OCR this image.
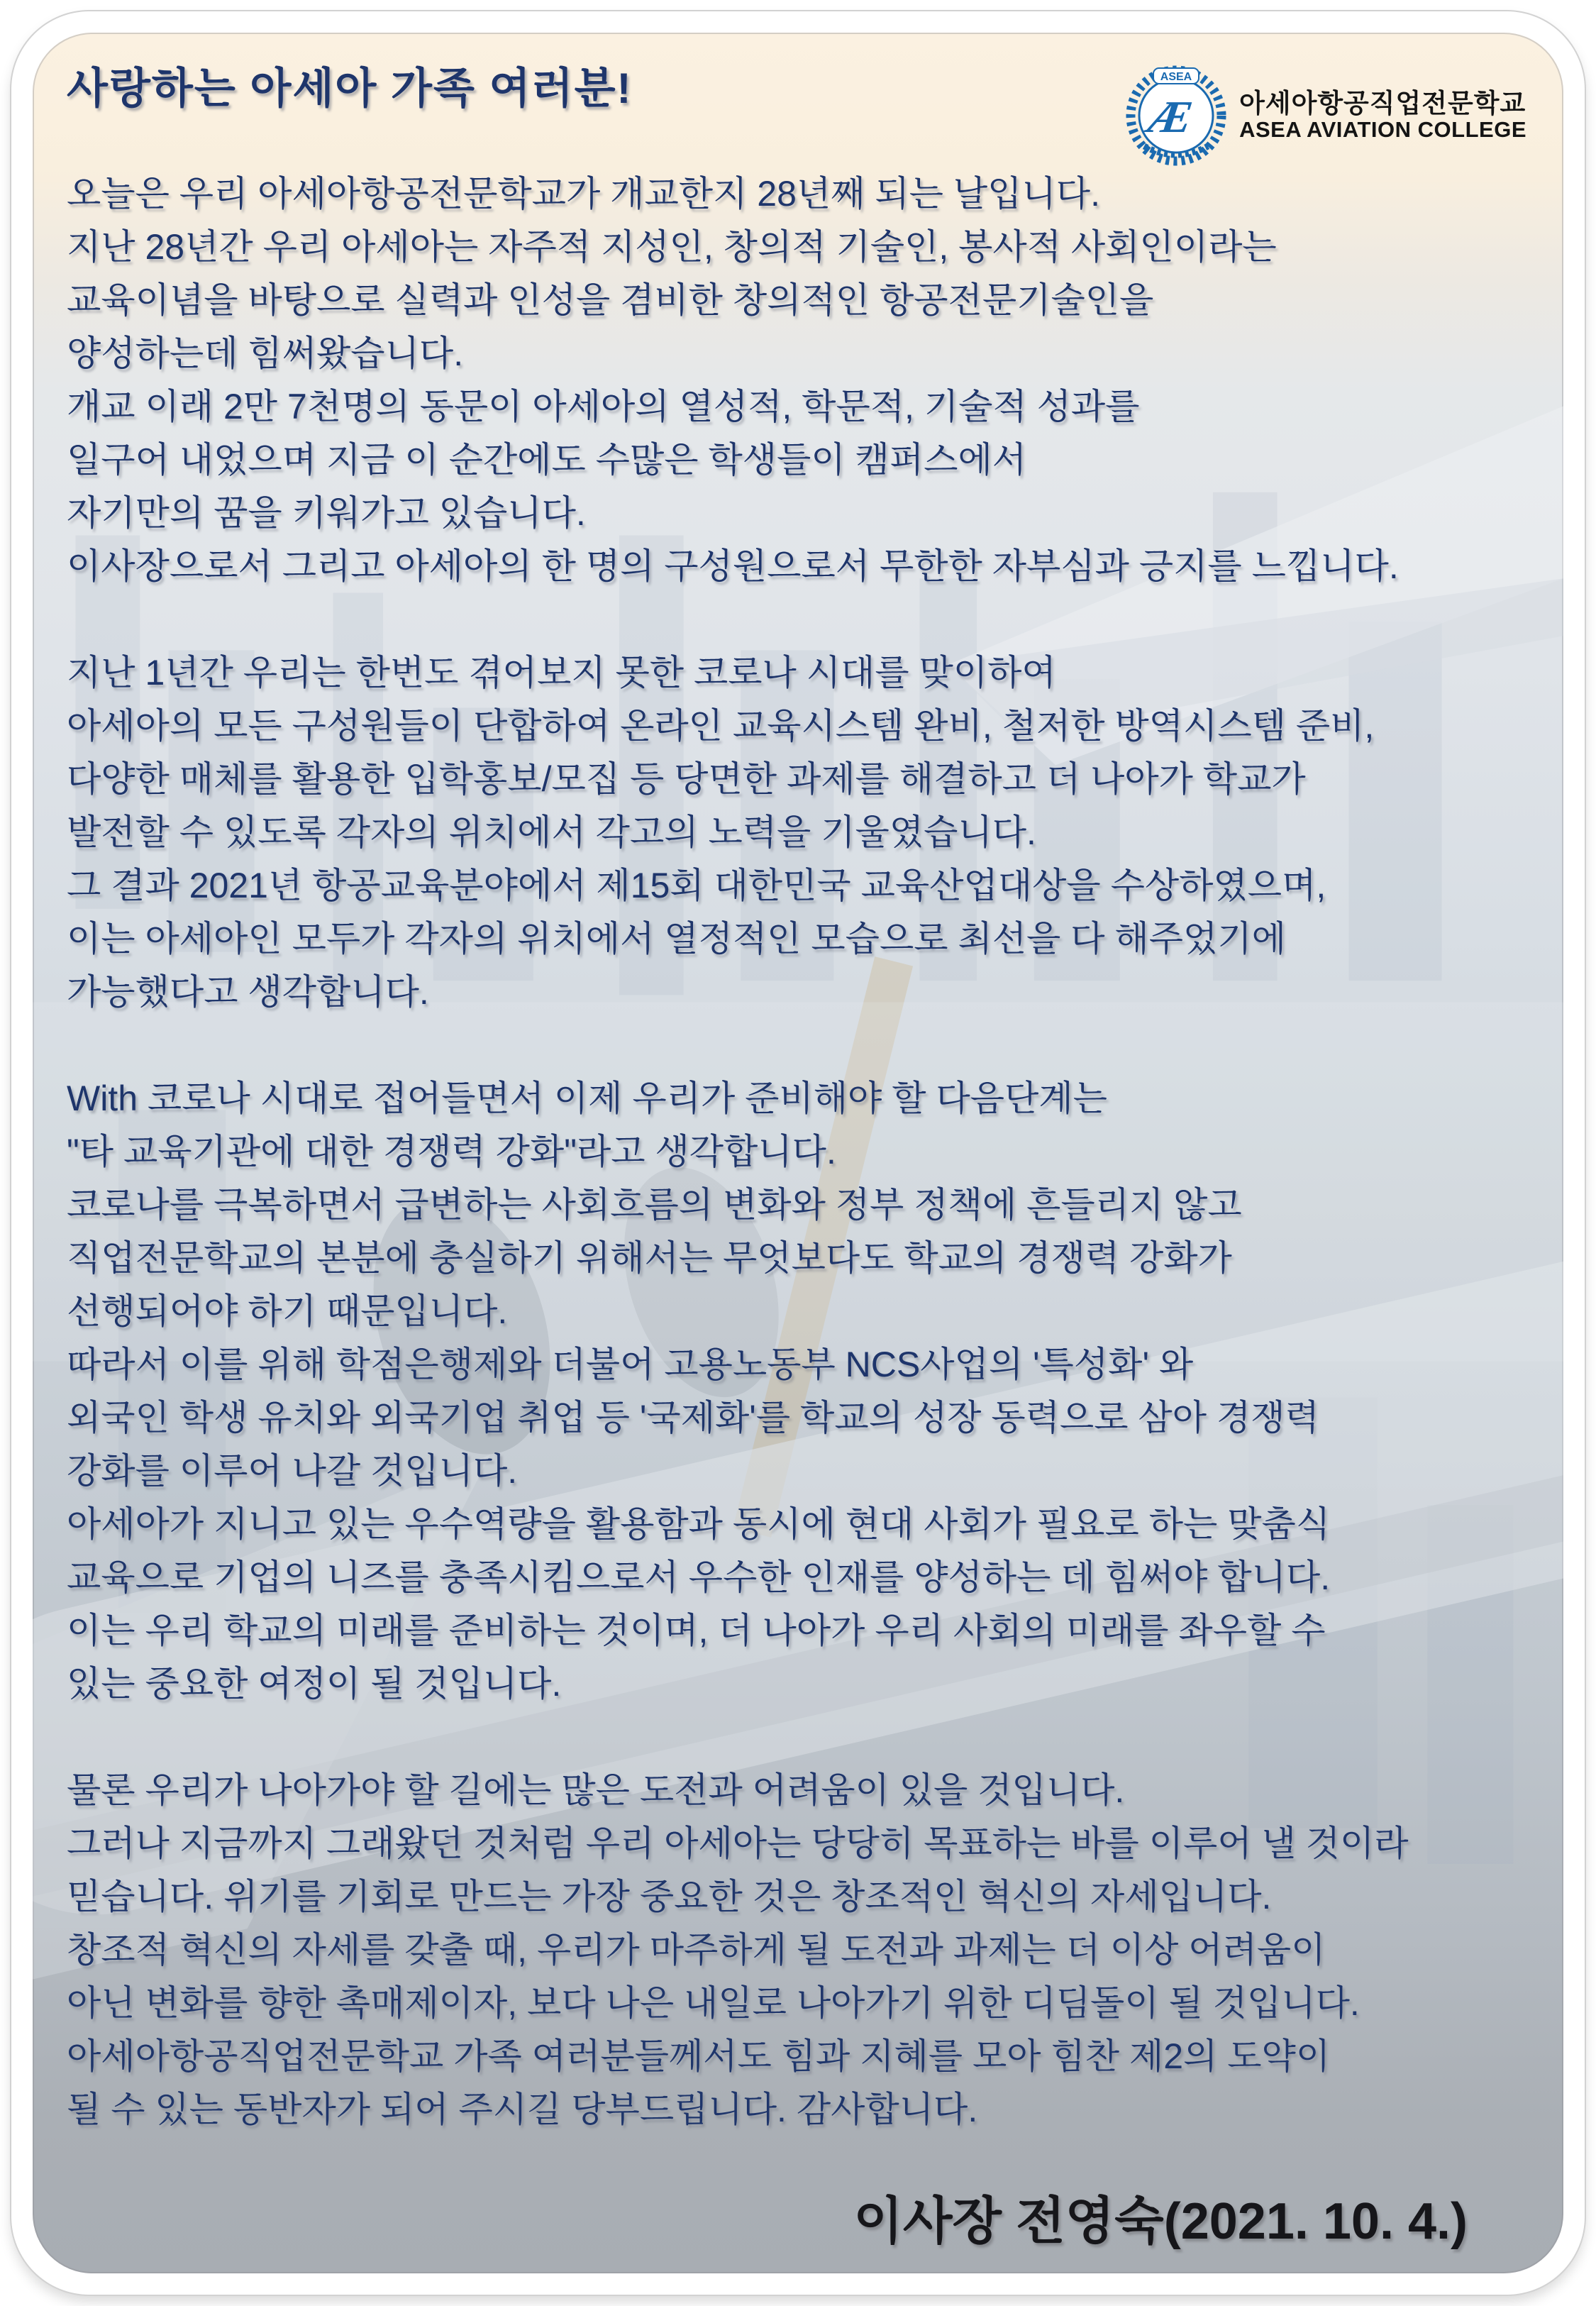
ASEA
Æ 아세아항공직업전문학교
ASEA AVIATION COLLEGE
사랑하는 아세아 가족 여러분!
오늘은 우리 아세아항공전문학교가 개교한지 28년째 되는 날입니다.
지난 28년간 우리 아세아는 자주적 지성인, 창의적 기술인, 봉사적 사회인이라는
교육이념을 바탕으로 실력과 인성을 겸비한 창의적인 항공전문기술인을
양성하는데 힘써왔습니다.
개교 이래 2만 7천명의 동문이 아세아의 열성적, 학문적, 기술적 성과를
일구어 내었으며 지금 이 순간에도 수많은 학생들이 캠퍼스에서
자기만의 꿈을 키워가고 있습니다.
이사장으로서 그리고 아세아의 한 명의 구성원으로서 무한한 자부심과 긍지를 느낍니다.
지난 1년간 우리는 한번도 겪어보지 못한 코로나 시대를 맞이하여
아세아의 모든 구성원들이 단합하여 온라인 교육시스템 완비, 철저한 방역시스템 준비,
다양한 매체를 활용한 입학홍보/모집 등 당면한 과제를 해결하고 더 나아가 학교가
발전할 수 있도록 각자의 위치에서 각고의 노력을 기울였습니다.
그 결과 2021년 항공교육분야에서 제15회 대한민국 교육산업대상을 수상하였으며,
이는 아세아인 모두가 각자의 위치에서 열정적인 모습으로 최선을 다 해주었기에
가능했다고 생각합니다.
With 코로나 시대로 접어들면서 이제 우리가 준비해야 할 다음단계는
"타 교육기관에 대한 경쟁력 강화"라고 생각합니다.
코로나를 극복하면서 급변하는 사회흐름의 변화와 정부 정책에 흔들리지 않고
직업전문학교의 본분에 충실하기 위해서는 무엇보다도 학교의 경쟁력 강화가
선행되어야 하기 때문입니다.
따라서 이를 위해 학점은행제와 더불어 고용노동부 NCS사업의 '특성화' 와
외국인 학생 유치와 외국기업 취업 등 '국제화'를 학교의 성장 동력으로 삼아 경쟁력
강화를 이루어 나갈 것입니다.
아세아가 지니고 있는 우수역량을 활용함과 동시에 현대 사회가 필요로 하는 맞춤식
교육으로 기업의 니즈를 충족시킴으로서 우수한 인재를 양성하는 데 힘써야 합니다.
이는 우리 학교의 미래를 준비하는 것이며, 더 나아가 우리 사회의 미래를 좌우할 수
있는 중요한 여정이 될 것입니다.
물론 우리가 나아가야 할 길에는 많은 도전과 어려움이 있을 것입니다.
그러나 지금까지 그래왔던 것처럼 우리 아세아는 당당히 목표하는 바를 이루어 낼 것이라
믿습니다. 위기를 기회로 만드는 가장 중요한 것은 창조적인 혁신의 자세입니다.
창조적 혁신의 자세를 갖출 때, 우리가 마주하게 될 도전과 과제는 더 이상 어려움이
아닌 변화를 향한 촉매제이자, 보다 나은 내일로 나아가기 위한 디딤돌이 될 것입니다.
아세아항공직업전문학교 가족 여러분들께서도 힘과 지혜를 모아 힘찬 제2의 도약이
될 수 있는 동반자가 되어 주시길 당부드립니다. 감사합니다.
이사장 전영숙(2021. 10. 4.)
